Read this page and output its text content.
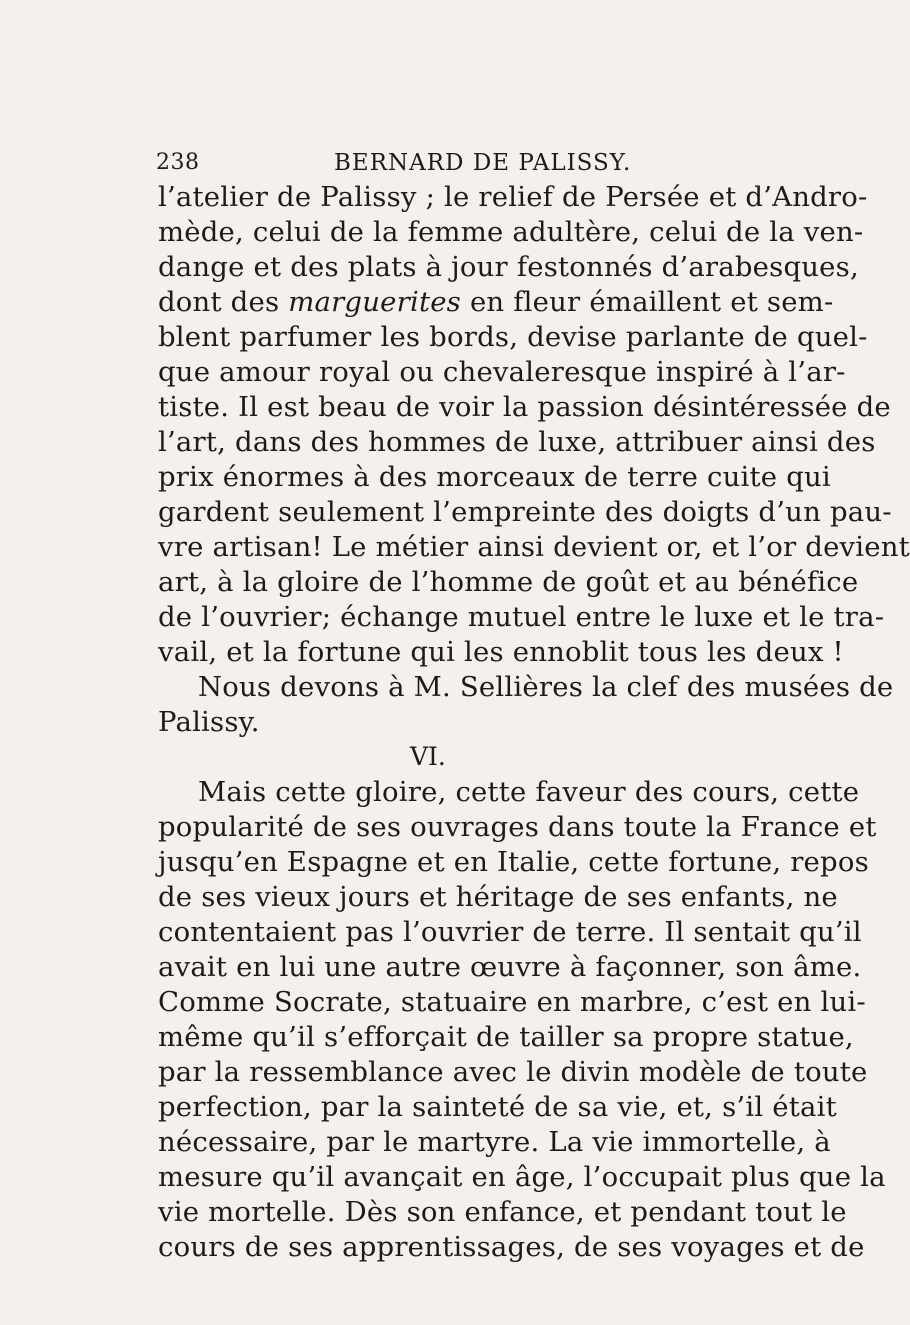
238	BERNARD DE PALISSY.
l’atelier de Palissy ; le relief de Persée et d’Andro-
mède, celui de la femme adultère, celui de la ven-
dange et des plats à jour festonnés d’arabesques,
dont des marguerites en fleur émaillent et sem-
blent parfumer les bords, devise parlante de quel-
que amour royal ou chevaleresque inspiré à l’ar-
tiste. Il est beau de voir la passion désintéressée de
l’art, dans des hommes de luxe, attribuer ainsi des
prix énormes à des morceaux de terre cuite qui
gardent seulement l’empreinte des doigts d’un pau-
vre artisan! Le métier ainsi devient or, et l’or devient
art, à la gloire de l’homme de goût et au bénéfice
de l’ouvrier; échange mutuel entre le luxe et le tra-
vail, et la fortune qui les ennoblit tous les deux !
Nous devons à M. Sellières la clef des musées de
Palissy.
VI.
Mais cette gloire, cette faveur des cours, cette
popularité de ses ouvrages dans toute la France et
jusqu’en Espagne et en Italie, cette fortune, repos
de ses vieux jours et héritage de ses enfants, ne
contentaient pas l’ouvrier de terre. Il sentait qu’il
avait en lui une autre œuvre à façonner, son âme.
Comme Socrate, statuaire en marbre, c’est en lui-
même qu’il s’efforçait de tailler sa propre statue,
par la ressemblance avec le divin modèle de toute
perfection, par la sainteté de sa vie, et, s’il était
nécessaire, par le martyre. La vie immortelle, à
mesure qu’il avançait en âge, l’occupait plus que la
vie mortelle. Dès son enfance, et pendant tout le
cours de ses apprentissages, de ses voyages et de
